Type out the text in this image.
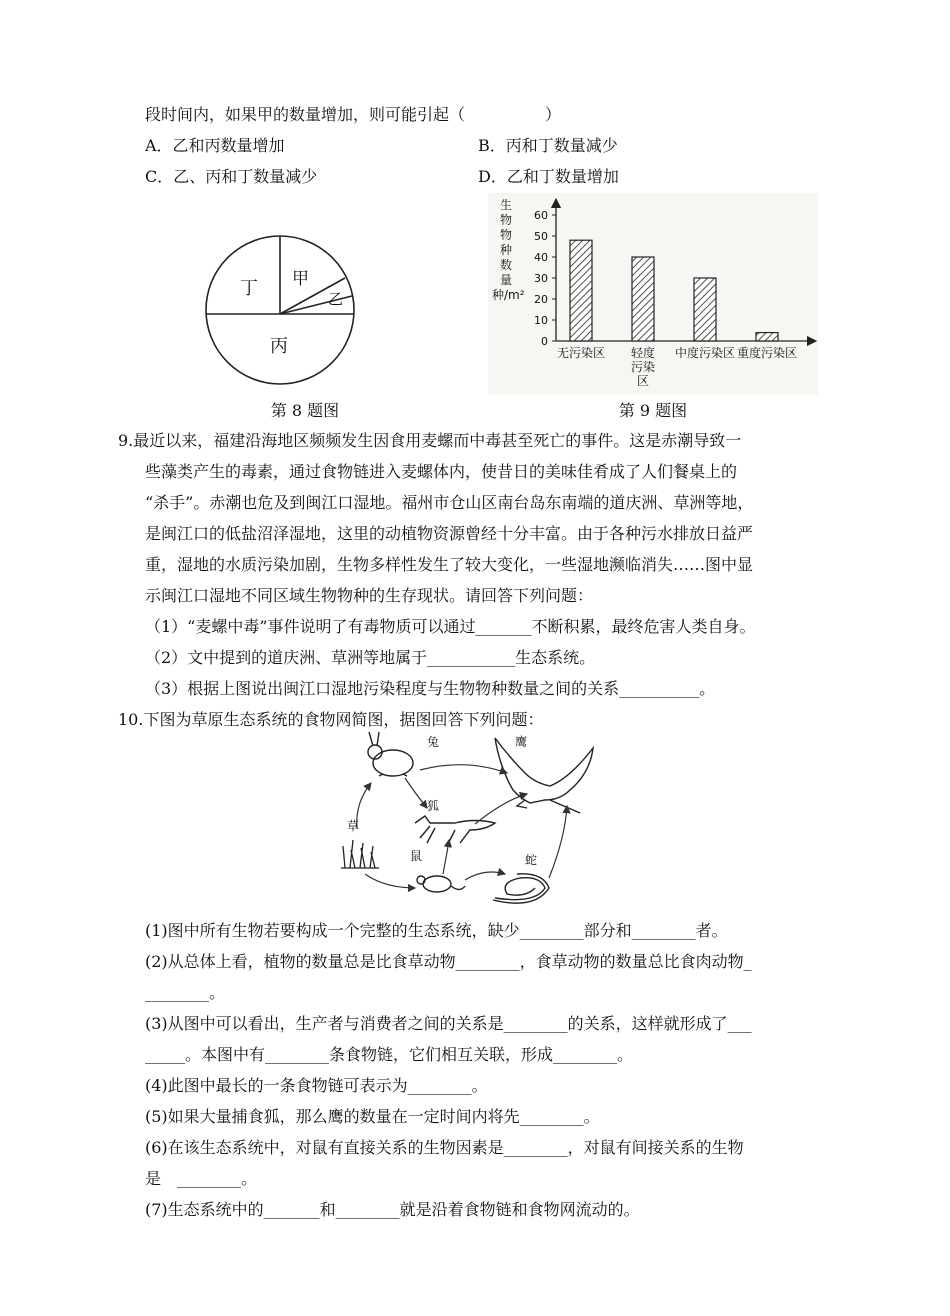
段时间内，如果甲的数量增加，则可能引起（　　　　　）
A．乙和丙数量增加	B．丙和丁数量减少
C．乙、丙和丁数量减少	D．乙和丁数量增加
丁 甲
乙
丙
第 8 题图
生
物
物
种
数
量
种/m²
0
10
20
30
40
50
60
无污染区 轻度
污染
区
中度污染区 重度污染区
第 9 题图
9.最近以来，福建沿海地区频频发生因食用麦螺而中毒甚至死亡的事件。这是赤潮导致一
些藻类产生的毒素，通过食物链进入麦螺体内，使昔日的美味佳肴成了人们餐桌上的
“杀手”。赤潮也危及到闽江口湿地。福州市仓山区南台岛东南端的道庆洲、草洲等地，
是闽江口的低盐沼泽湿地，这里的动植物资源曾经十分丰富。由于各种污水排放日益严
重，湿地的水质污染加剧，生物多样性发生了较大变化，一些湿地濒临消失……图中显
示闽江口湿地不同区域生物物种的生存现状。请回答下列问题：
（1）“麦螺中毒”事件说明了有毒物质可以通过_______不断积累，最终危害人类自身。
（2）文中提到的道庆洲、草洲等地属于___________生态系统。
（3）根据上图说出闽江口湿地污染程度与生物物种数量之间的关系__________。
10.下图为草原生态系统的食物网简图，据图回答下列问题：
兔	鹰
狐
草
鼠	蛇
(1)图中所有生物若要构成一个完整的生态系统，缺少________部分和________者。
(2)从总体上看，植物的数量总是比食草动物________，食草动物的数量总比食肉动物_
________。
(3)从图中可以看出，生产者与消费者之间的关系是________的关系，这样就形成了___
_____。本图中有________条食物链，它们相互关联，形成________。
(4)此图中最长的一条食物链可表示为________。
(5)如果大量捕食狐，那么鹰的数量在一定时间内将先________。
(6)在该生态系统中，对鼠有直接关系的生物因素是________，对鼠有间接关系的生物
是　________。
(7)生态系统中的_______和________就是沿着食物链和食物网流动的。
